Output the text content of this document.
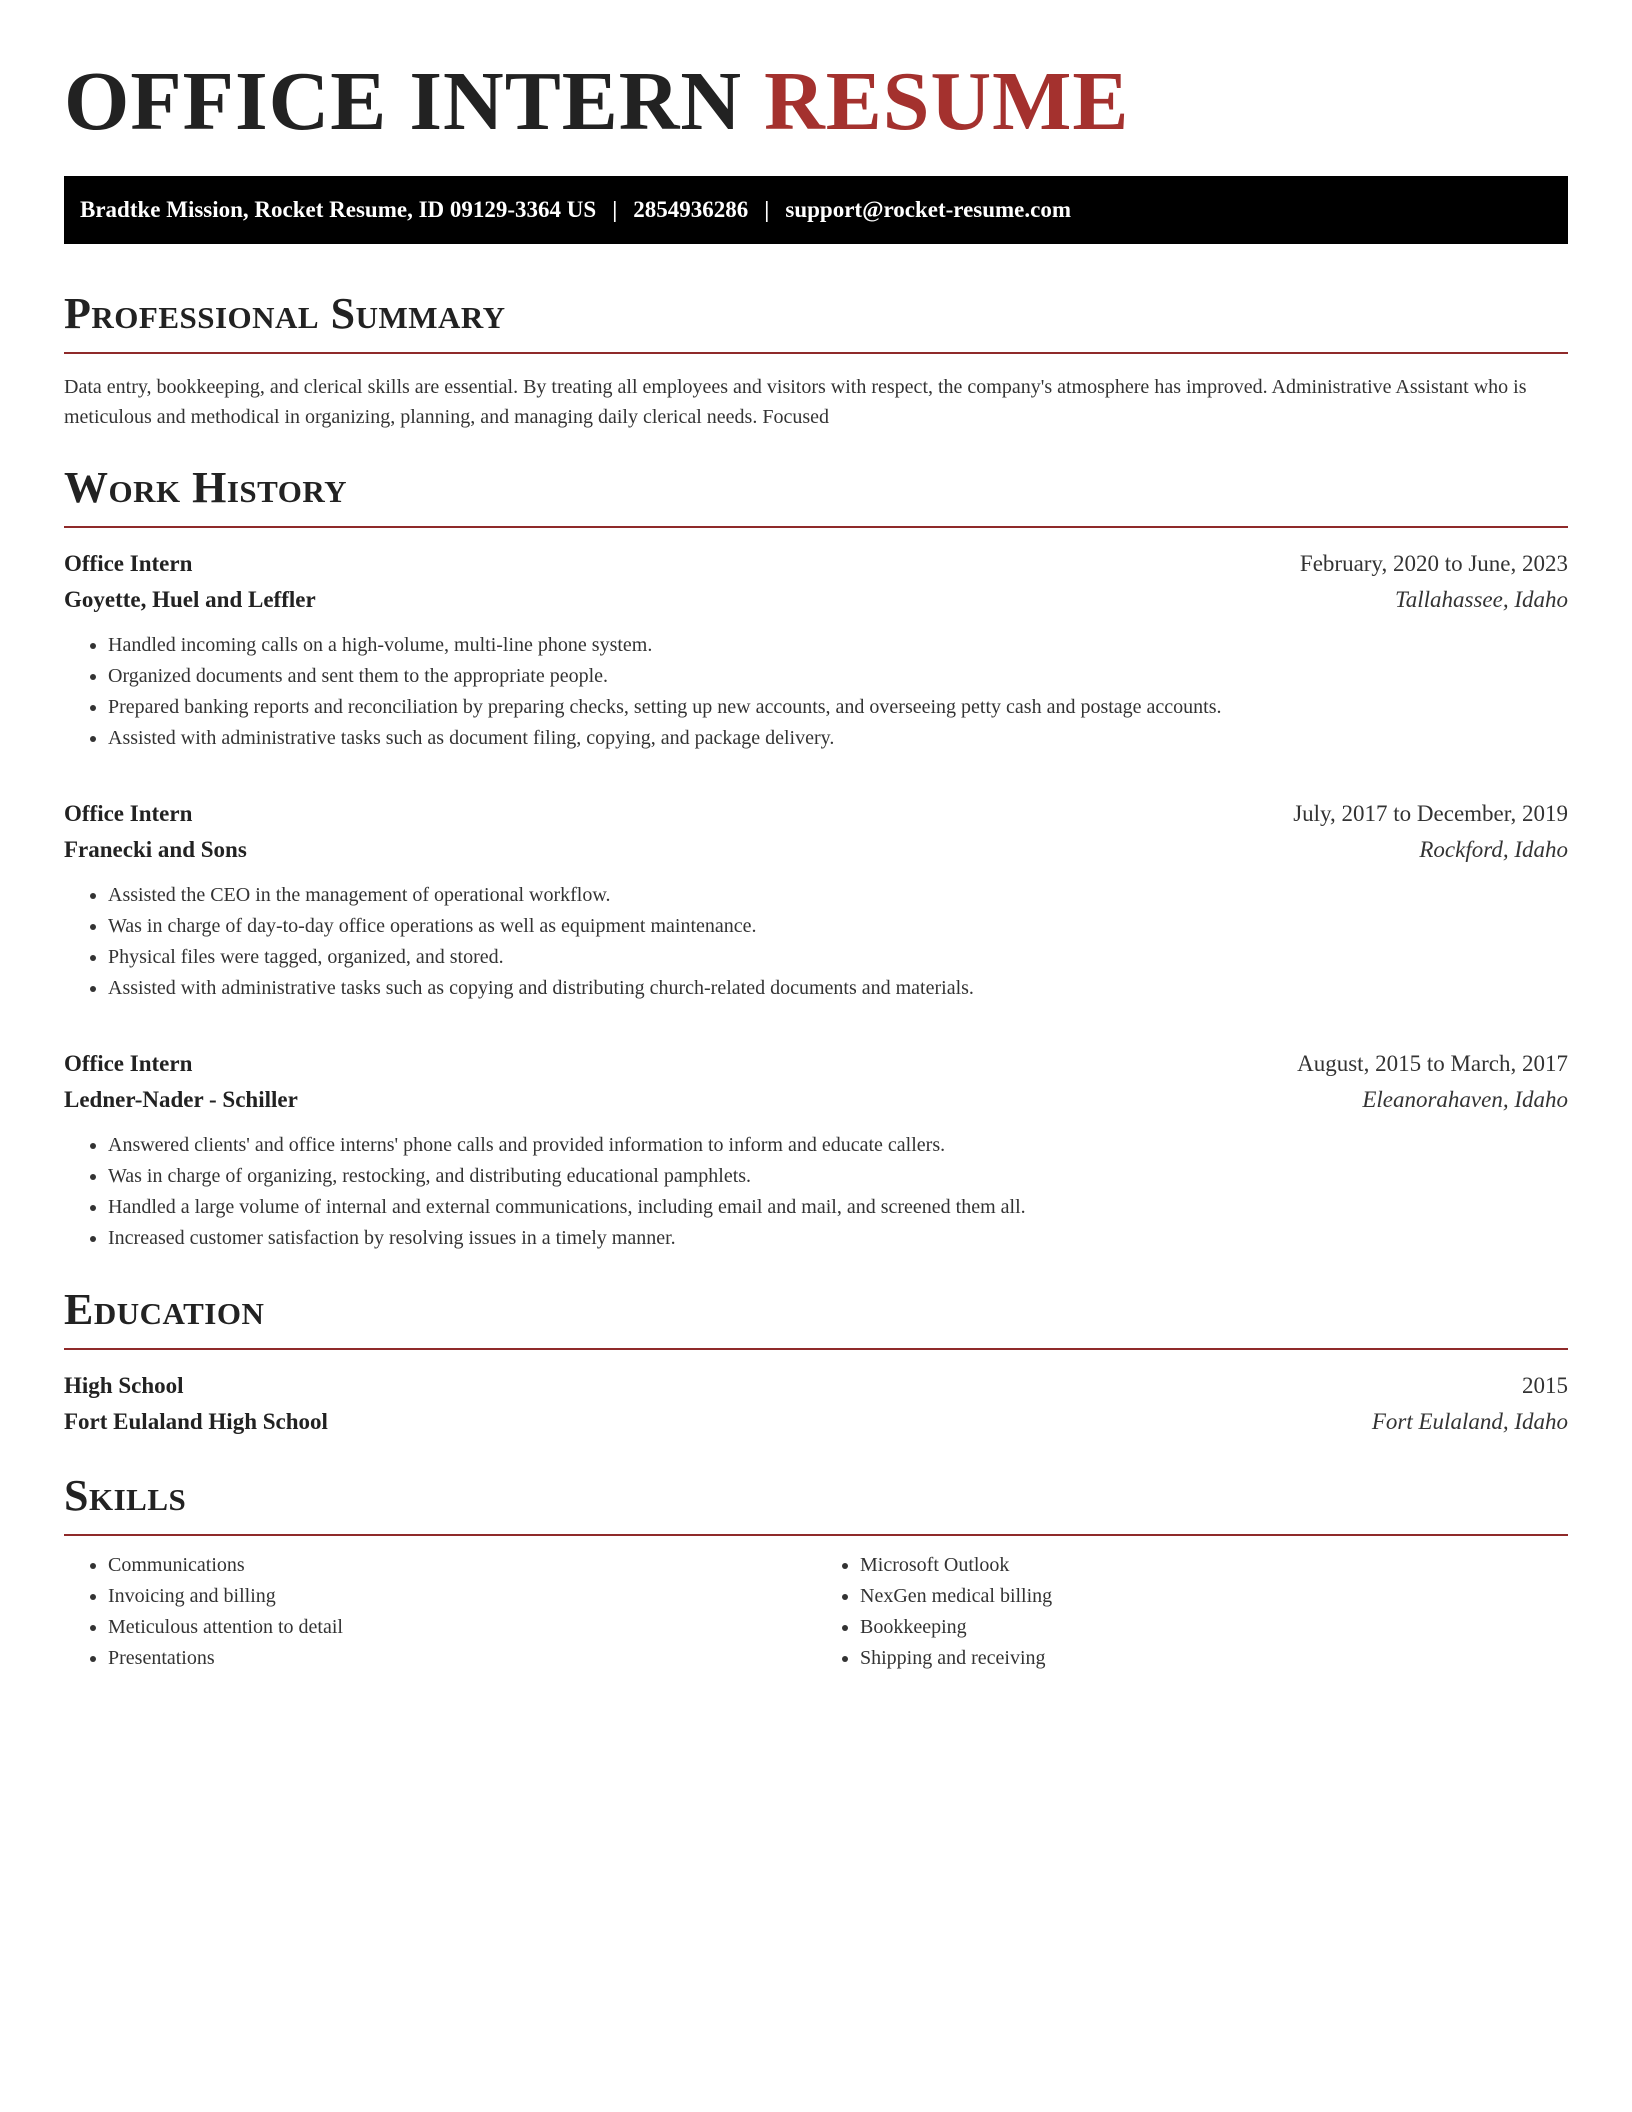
OFFICE INTERN RESUME
Bradtke Mission, Rocket Resume, ID 09129-3364 US | 2854936286 | support@rocket-resume.com
Professional Summary

Data entry, bookkeeping, and clerical skills are essential. By treating all employees and visitors with respect, the company's atmosphere has improved. Administrative Assistant who is meticulous and methodical in organizing, planning, and managing daily clerical needs. Focused

Work History
Office Intern	February, 2020 to June, 2023
Goyette, Huel and Leffler	Tallahassee, Idaho
• Handled incoming calls on a high-volume, multi-line phone system.
• Organized documents and sent them to the appropriate people.
• Prepared banking reports and reconciliation by preparing checks, setting up new accounts, and overseeing petty cash and postage accounts.
• Assisted with administrative tasks such as document filing, copying, and package delivery.
Office Intern	July, 2017 to December, 2019
Franecki and Sons	Rockford, Idaho
• Assisted the CEO in the management of operational workflow.
• Was in charge of day-to-day office operations as well as equipment maintenance.
• Physical files were tagged, organized, and stored.
• Assisted with administrative tasks such as copying and distributing church-related documents and materials.
Office Intern	August, 2015 to March, 2017
Ledner-Nader - Schiller	Eleanorahaven, Idaho
• Answered clients' and office interns' phone calls and provided information to inform and educate callers.
• Was in charge of organizing, restocking, and distributing educational pamphlets.
• Handled a large volume of internal and external communications, including email and mail, and screened them all.
• Increased customer satisfaction by resolving issues in a timely manner.
Education
High School	2015
Fort Eulaland High School	Fort Eulaland, Idaho
Skills
• Communications
• Invoicing and billing
• Meticulous attention to detail
• Presentations
• Microsoft Outlook
• NexGen medical billing
• Bookkeeping
• Shipping and receiving
